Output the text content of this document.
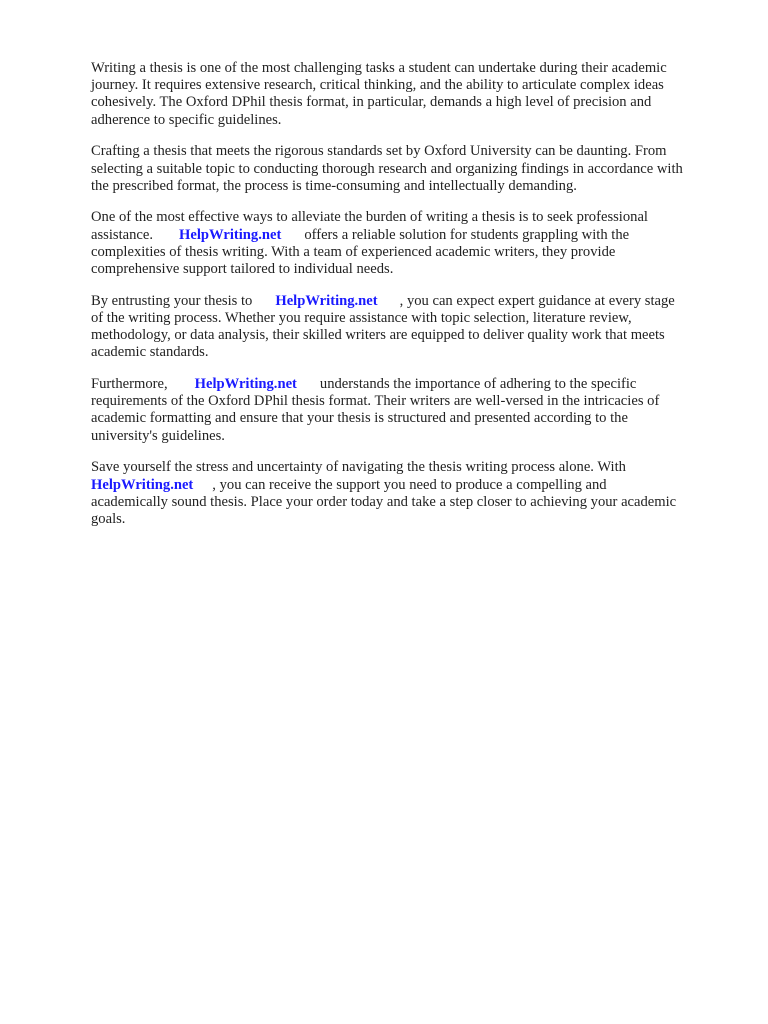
Writing a thesis is one of the most challenging tasks a student can undertake during their academic
journey. It requires extensive research, critical thinking, and the ability to articulate complex ideas
cohesively. The Oxford DPhil thesis format, in particular, demands a high level of precision and
adherence to specific guidelines.

Crafting a thesis that meets the rigorous standards set by Oxford University can be daunting. From
selecting a suitable topic to conducting thorough research and organizing findings in accordance with
the prescribed format, the process is time-consuming and intellectually demanding.

One of the most effective ways to alleviate the burden of writing a thesis is to seek professional
assistance. HelpWriting.net offers a reliable solution for students grappling with the
complexities of thesis writing. With a team of experienced academic writers, they provide
comprehensive support tailored to individual needs.

By entrusting your thesis to HelpWriting.net , you can expect expert guidance at every stage
of the writing process. Whether you require assistance with topic selection, literature review,
methodology, or data analysis, their skilled writers are equipped to deliver quality work that meets
academic standards.

Furthermore, HelpWriting.net understands the importance of adhering to the specific
requirements of the Oxford DPhil thesis format. Their writers are well-versed in the intricacies of
academic formatting and ensure that your thesis is structured and presented according to the
university's guidelines.

Save yourself the stress and uncertainty of navigating the thesis writing process alone. With
HelpWriting.net , you can receive the support you need to produce a compelling and
academically sound thesis. Place your order today and take a step closer to achieving your academic
goals.
